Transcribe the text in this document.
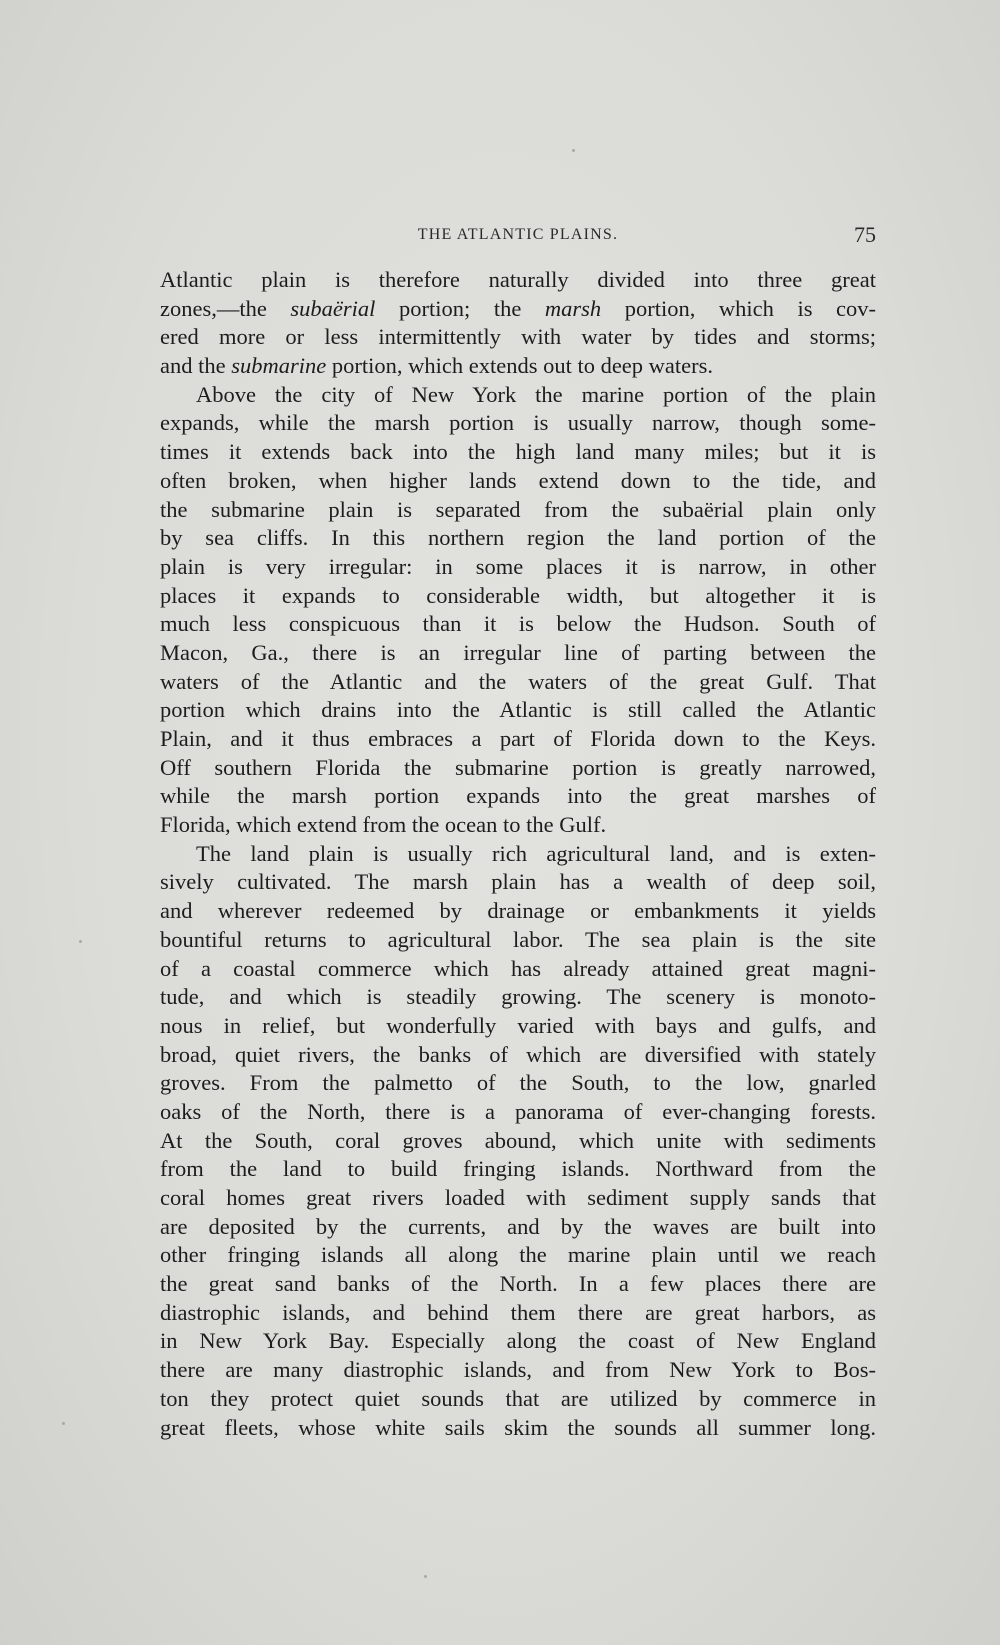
THE ATLANTIC PLAINS.	75
Atlantic plain is therefore naturally divided into three great
zones,—the subaërial portion; the marsh portion, which is cov-
ered more or less intermittently with water by tides and storms;
and the submarine portion, which extends out to deep waters.
Above the city of New York the marine portion of the plain
expands, while the marsh portion is usually narrow, though some-
times it extends back into the high land many miles; but it is
often broken, when higher lands extend down to the tide, and
the submarine plain is separated from the subaërial plain only
by sea cliffs. In this northern region the land portion of the
plain is very irregular: in some places it is narrow, in other
places it expands to considerable width, but altogether it is
much less conspicuous than it is below the Hudson. South of
Macon, Ga., there is an irregular line of parting between the
waters of the Atlantic and the waters of the great Gulf. That
portion which drains into the Atlantic is still called the Atlantic
Plain, and it thus embraces a part of Florida down to the Keys.
Off southern Florida the submarine portion is greatly narrowed,
while the marsh portion expands into the great marshes of
Florida, which extend from the ocean to the Gulf.
The land plain is usually rich agricultural land, and is exten-
sively cultivated. The marsh plain has a wealth of deep soil,
and wherever redeemed by drainage or embankments it yields
bountiful returns to agricultural labor. The sea plain is the site
of a coastal commerce which has already attained great magni-
tude, and which is steadily growing. The scenery is monoto-
nous in relief, but wonderfully varied with bays and gulfs, and
broad, quiet rivers, the banks of which are diversified with stately
groves. From the palmetto of the South, to the low, gnarled
oaks of the North, there is a panorama of ever-changing forests.
At the South, coral groves abound, which unite with sediments
from the land to build fringing islands. Northward from the
coral homes great rivers loaded with sediment supply sands that
are deposited by the currents, and by the waves are built into
other fringing islands all along the marine plain until we reach
the great sand banks of the North. In a few places there are
diastrophic islands, and behind them there are great harbors, as
in New York Bay. Especially along the coast of New England
there are many diastrophic islands, and from New York to Bos-
ton they protect quiet sounds that are utilized by commerce in
great fleets, whose white sails skim the sounds all summer long.
